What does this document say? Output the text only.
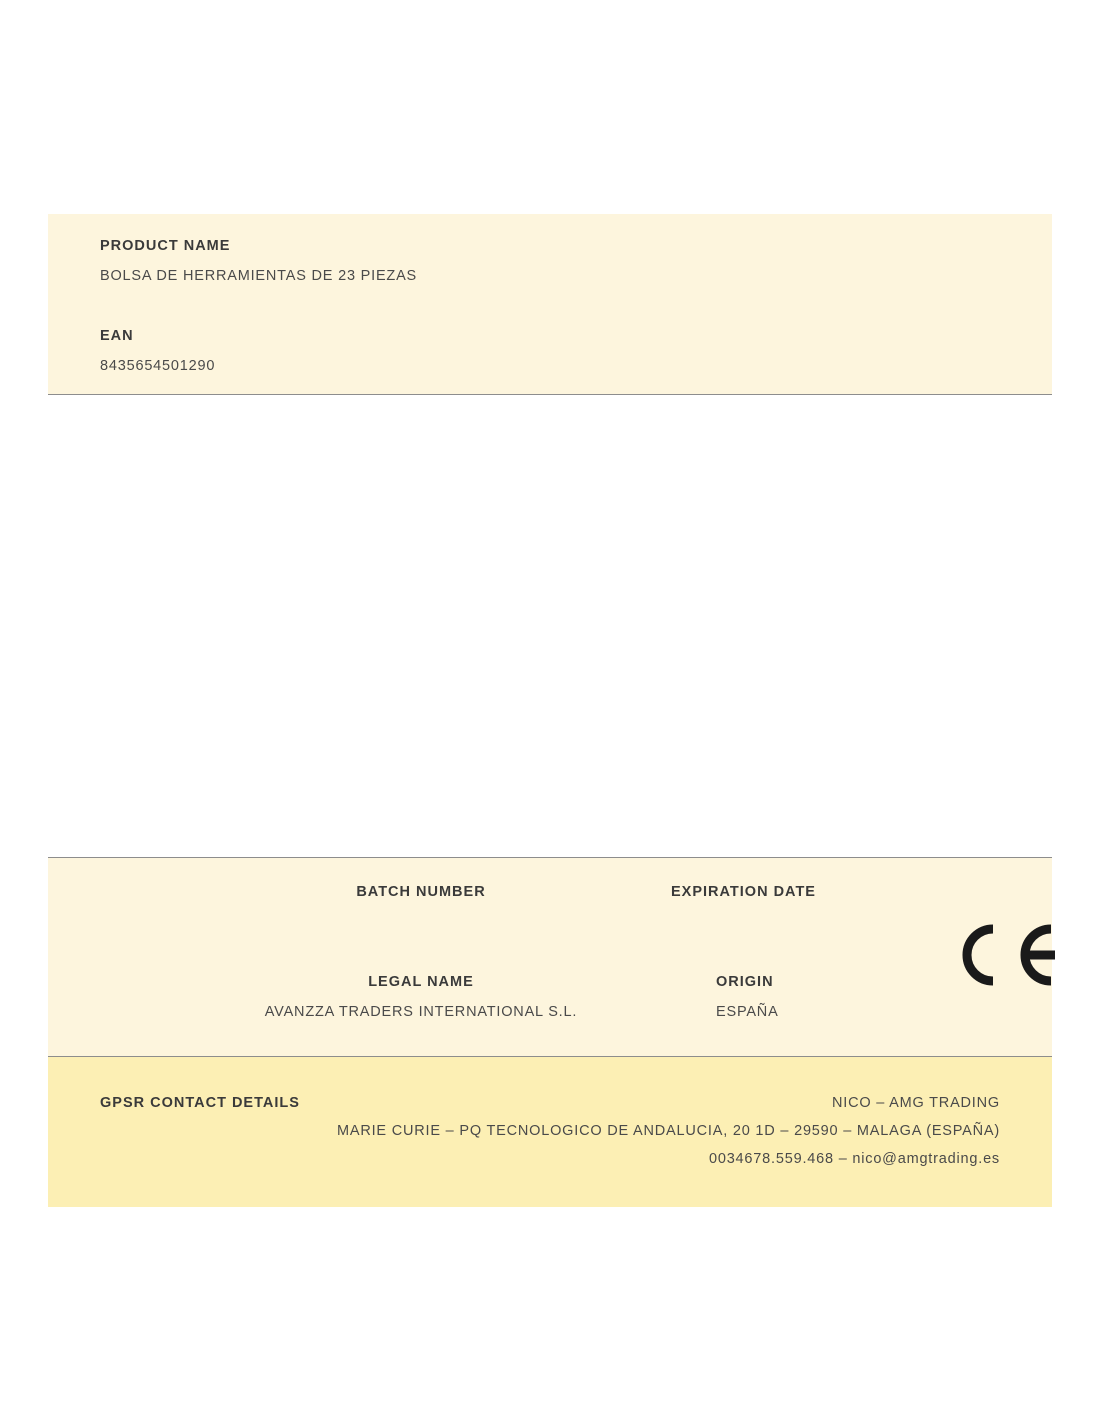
PRODUCT NAME
BOLSA DE HERRAMIENTAS DE 23 PIEZAS
EAN
8435654501290
BATCH NUMBER	EXPIRATION DATE
LEGAL NAME
AVANZZA TRADERS INTERNATIONAL S.L.
ORIGIN
ESPAÑA
GPSR CONTACT DETAILS	NICO – AMG TRADING
MARIE CURIE – PQ TECNOLOGICO DE ANDALUCIA, 20 1D – 29590 – MALAGA (ESPAÑA)
0034678.559.468 – nico@amgtrading.es
